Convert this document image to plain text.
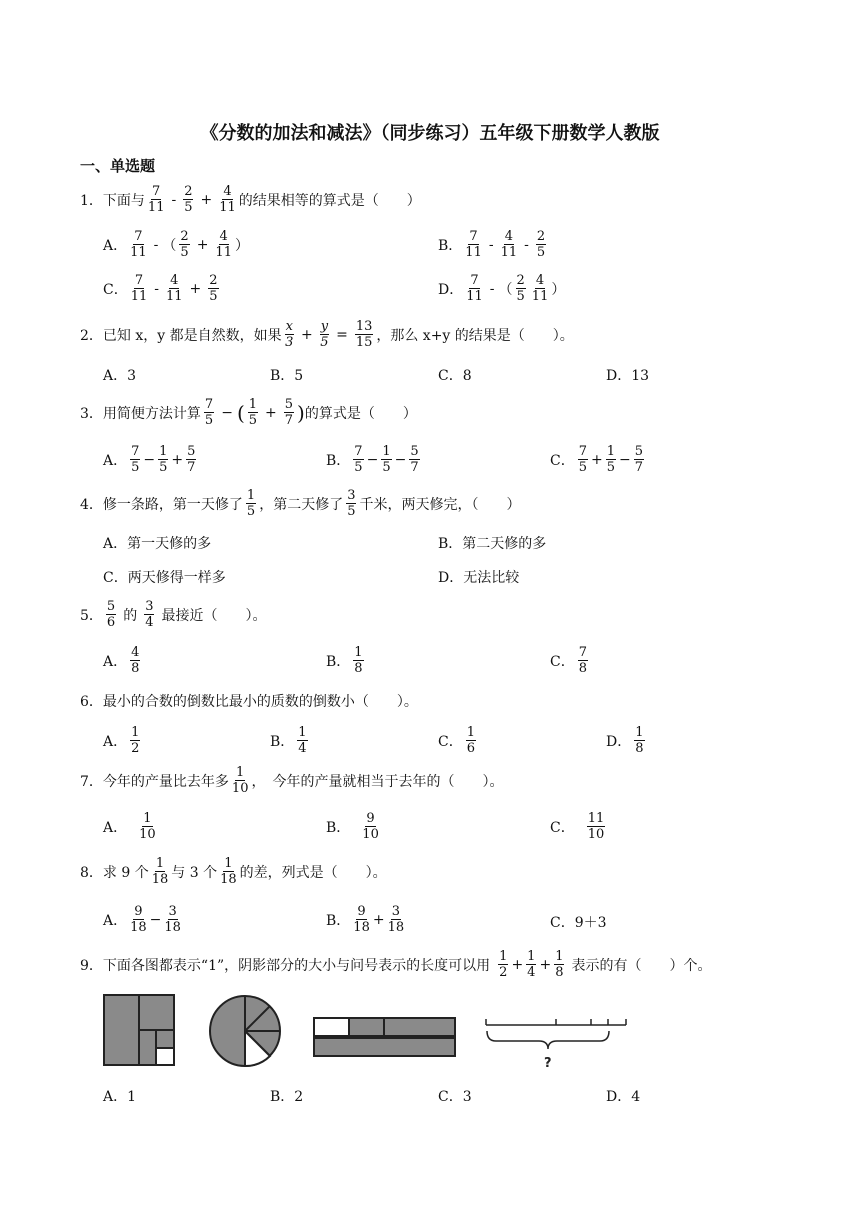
《分数的加法和减法》（同步练习）五年级下册数学人教版
一、单选题
1． 下面与 $\frac{7}{11} - \frac{2}{5} + \frac{4}{11}$ 的结果相等的算式是（　　）
A． $\frac{7}{11}$ - （ $\frac{2}{5} + \frac{4}{11}$ ）	B． $\frac{7}{11} - \frac{4}{11} - \frac{2}{5}$
C． $\frac{7}{11} - \frac{4}{11} + \frac{2}{5}$	D． $\frac{7}{11}$ - （ $\frac{2}{5} \frac{4}{11}$ ）
2． 已知 x，y 都是自然数，如果 $\frac{x}{3} + \frac{y}{5} = \frac{13}{15}$ ，那么 x+y 的结果是（　　）。
A．3	B．5	C．8	D．13
3． 用简便方法计算 $\frac{7}{5}$ − ( $\frac{1}{5} + \frac{5}{7}$ ) 的算式是（　　）
A． $\frac{7}{5} - \frac{1}{5} + \frac{5}{7}$	B． $\frac{7}{5} - \frac{1}{5} - \frac{5}{7}$	C． $\frac{7}{5} + \frac{1}{5} - \frac{5}{7}$
4． 修一条路，第一天修了 $\frac{1}{5}$ ，第二天修了 $\frac{3}{5}$ 千米，两天修完，（　　）
A．第一天修的多	B．第二天修的多
C．两天修得一样多	D．无法比较
5． $\frac{5}{6}$ 的 $\frac{3}{4}$ 最接近（　　）。
A． $\frac{4}{8}$	B． $\frac{1}{8}$	C． $\frac{7}{8}$
6． 最小的合数的倒数比最小的质数的倒数小（　　）。
A． $\frac{1}{2}$	B． $\frac{1}{4}$	C． $\frac{1}{6}$	D． $\frac{1}{8}$
7． 今年的产量比去年多 $\frac{1}{10}$ ，　今年的产量就相当于去年的（　　）。
A． $\frac{1}{10}$	B． $\frac{9}{10}$	C． $\frac{11}{10}$
8． 求 9 个 $\frac{1}{18}$ 与 3 个 $\frac{1}{18}$ 的差，列式是（　　）。
A． $\frac{9}{18} - \frac{3}{18}$	B． $\frac{9}{18} + \frac{3}{18}$	C．9＋3
9． 下面各图都表示“1”，阴影部分的大小与问号表示的长度可以用 $\frac{1}{2} + \frac{1}{4} + \frac{1}{8}$ 表示的有（　　）个。
?
A．1	B．2	C．3	D．4
